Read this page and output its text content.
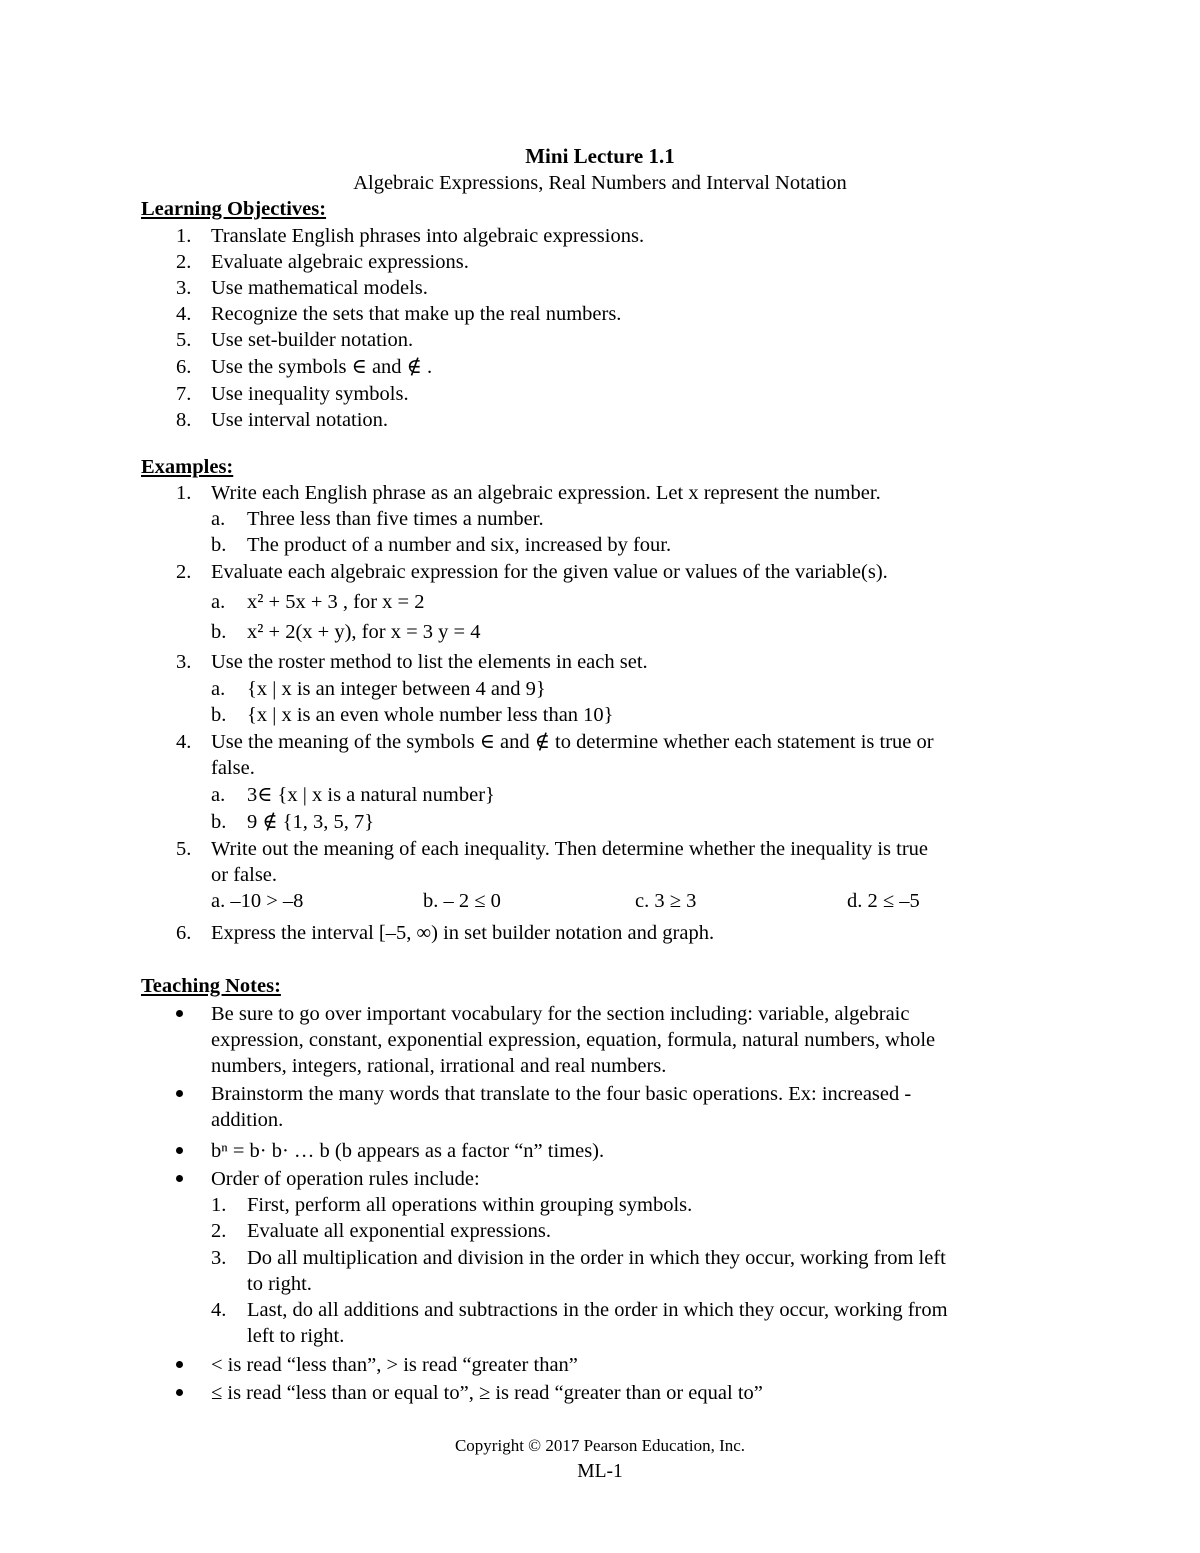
Mini Lecture 1.1
Algebraic Expressions, Real Numbers and Interval Notation
Learning Objectives:
1. Translate English phrases into algebraic expressions.
2. Evaluate algebraic expressions.
3. Use mathematical models.
4. Recognize the sets that make up the real numbers.
5. Use set-builder notation.
6. Use the symbols ∈ and ∉ .
7. Use inequality symbols.
8. Use interval notation.
Examples:
1. Write each English phrase as an algebraic expression. Let x represent the number.
a. Three less than five times a number.
b. The product of a number and six, increased by four.
2. Evaluate each algebraic expression for the given value or values of the variable(s).
a. x² + 5x + 3 , for x = 2
b. x² + 2(x + y), for x = 3 y = 4
3. Use the roster method to list the elements in each set.
a. {x | x is an integer between 4 and 9}
b. {x | x is an even whole number less than 10}
4. Use the meaning of the symbols ∈ and ∉ to determine whether each statement is true or
false.
a. 3∈ {x | x is a natural number}
b. 9 ∉ {1, 3, 5, 7}
5. Write out the meaning of each inequality. Then determine whether the inequality is true
or false.
a. –10 > –8	b. – 2 ≤ 0	c. 3 ≥ 3	d. 2 ≤ –5
6. Express the interval [–5, ∞) in set builder notation and graph.
Teaching Notes:
Be sure to go over important vocabulary for the section including: variable, algebraic
expression, constant, exponential expression, equation, formula, natural numbers, whole
numbers, integers, rational, irrational and real numbers.
Brainstorm the many words that translate to the four basic operations. Ex: increased -
addition.
bⁿ = b· b· … b (b appears as a factor “n” times).
Order of operation rules include:
1. First, perform all operations within grouping symbols.
2. Evaluate all exponential expressions.
3. Do all multiplication and division in the order in which they occur, working from left
to right.
4. Last, do all additions and subtractions in the order in which they occur, working from
left to right.
< is read “less than”, > is read “greater than”
≤ is read “less than or equal to”, ≥ is read “greater than or equal to”
Copyright © 2017 Pearson Education, Inc.
ML-1
